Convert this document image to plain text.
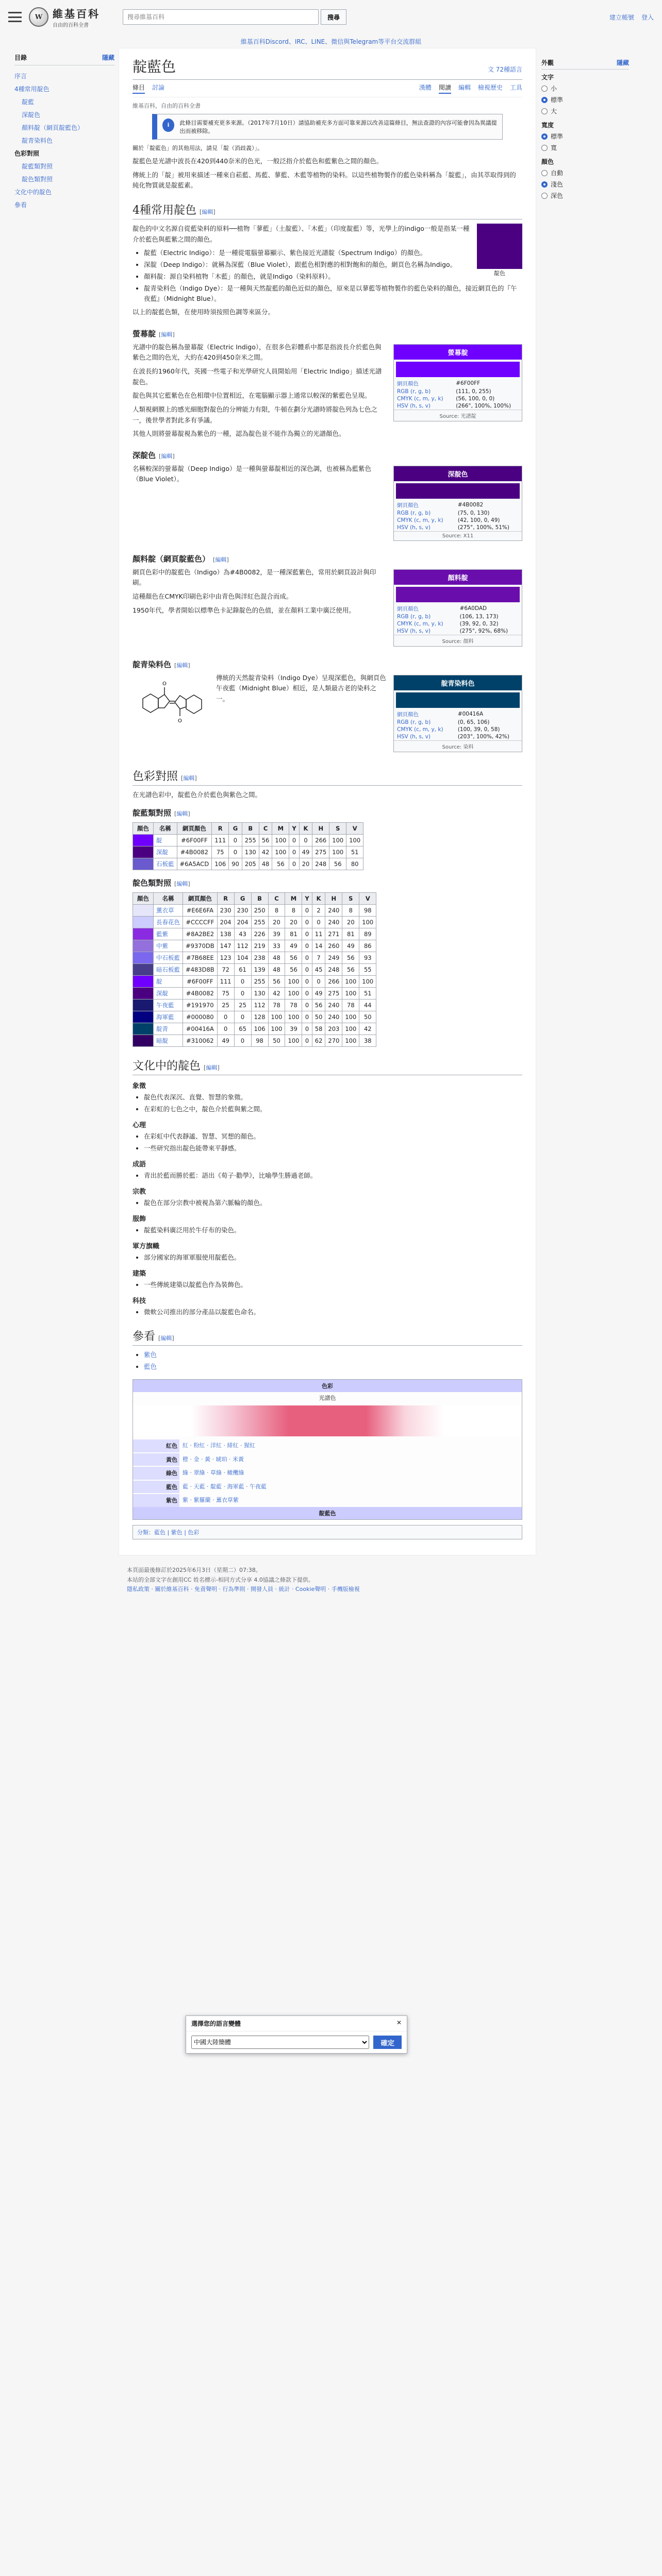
W 維基百科
自由的百科全書
搜尋維基百科
搜尋	建立帳號 登入
維基百科Discord、IRC、LINE、微信與Telegram等平台交流群組
目錄	隱藏
序言
4種常用靛色
靛藍
深靛色
顏料靛（網頁靛藍色）
靛青染料色
色彩對照
靛藍類對照
靛色類對照
文化中的靛色
參看
靛藍色	文 72種語言
條目 討論	漢體 閱讀 編輯 檢視歷史 工具
維基百科，自由的百科全書
i	此條目需要補充更多來源。（2017年7月10日）請協助補充多方面可靠來源以改善這篇條目，無法查證的內容可能會因為異議提出而被移除。
關於「靛藍色」的其他用法，請見「靛（消歧義）」。

靛藍色是光譜中波長在420到440奈米的色光，一般泛指介於藍色和藍紫色之間的顏色。

傳統上的「靛」被用來描述一種來自菘藍、馬藍、蓼藍、木藍等植物的染料。以這些植物製作的藍色染料稱為「靛藍」，由其萃取得到的純化物質就是靛藍素。

4種常用靛色 [編輯]
靛色

靛色的中文名源自從藍染料的原料──植物「蓼藍」（土靛藍）、「木藍」（印度靛藍）等，光學上的indigo一般是指某一種介於藍色與藍紫之間的顏色。

• 靛藍（Electric Indigo）：是一種從電腦螢幕顯示、紫色接近光譜靛（Spectrum Indigo）的顏色。
• 深靛（Deep Indigo）：就稱為深藍（Blue Violet），跟藍色相對應的相對飽和的顏色，網頁色名稱為Indigo。
• 顏料靛：源自染料植物「木藍」的顏色，就是Indigo（染料原料）。
• 靛青染料色（Indigo Dye）：是一種與天然靛藍的顏色近似的顏色，原來是以蓼藍等植物製作的藍色染料的顏色，接近網頁色的『午夜藍』（Midnight Blue）。

以上的靛藍色類，在使用時須按照色調等來區分。

螢幕靛 [編輯]
螢幕靛
網頁顏色	#6F00FF
RGB (r, g, b)	(111, 0, 255)
CMYK (c, m, y, k)	(56, 100, 0, 0)
HSV (h, s, v)	(266°, 100%, 100%)
Source: 光譜靛

光譜中的靛色稱為螢幕靛（Electric Indigo），在很多色彩體系中都是指波長介於藍色與紫色之間的色光，大約在420到450奈米之間。

在波長約1960年代，英國一些電子和光學研究人員開始用「Electric Indigo」描述光譜靛色。

靛色與其它藍紫色在色相環中位置相近，在電腦顯示器上通常以較深的紫藍色呈現。

人類視網膜上的感光細胞對靛色的分辨能力有限，牛頓在劃分光譜時將靛色列為七色之一，後世學者對此多有爭議。

其他人則將螢幕靛視為紫色的一種，認為靛色並不能作為獨立的光譜顏色。

深靛色 [編輯]
深靛色
網頁顏色	#4B0082
RGB (r, g, b)	(75, 0, 130)
CMYK (c, m, y, k)	(42, 100, 0, 49)
HSV (h, s, v)	(275°, 100%, 51%)
Source: X11

名稱較深的螢幕靛（Deep Indigo）是一種與螢幕靛相近的深色調，也被稱為藍紫色（Blue Violet）。

顏料靛（網頁靛藍色） [編輯]
顏料靛
網頁顏色	#6A0DAD
RGB (r, g, b)	(106, 13, 173)
CMYK (c, m, y, k)	(39, 92, 0, 32)
HSV (h, s, v)	(275°, 92%, 68%)
Source: 顏料

網頁色彩中的靛藍色（Indigo）為#4B0082，是一種深藍紫色，常用於網頁設計與印刷。

這種顏色在CMYK印刷色彩中由青色與洋紅色混合而成。

1950年代，學者開始以標準色卡記錄靛色的色值，並在顏料工業中廣泛使用。

靛青染料色 [編輯]
靛青染料色
網頁顏色	#00416A
RGB (r, g, b)	(0, 65, 106)
CMYK (c, m, y, k)	(100, 39, 0, 58)
HSV (h, s, v)	(203°, 100%, 42%)
Source: 染料
O
O

傳統的天然靛青染料（Indigo Dye）呈現深藍色，與網頁色午夜藍（Midnight Blue）相近，是人類最古老的染料之一。

色彩對照 [編輯]

在光譜色彩中，靛藍色介於藍色與紫色之間。

靛藍類對照 [編輯]
顏色	名稱	網頁顏色	R	G	B	C	M	Y	K	H	S	V
	靛	#6F00FF	111	0	255	56	100	0	0	266	100	100
	深靛	#4B0082	75	0	130	42	100	0	49	275	100	51
	石板藍	#6A5ACD	106	90	205	48	56	0	20	248	56	80
靛色類對照 [編輯]
顏色	名稱	網頁顏色	R	G	B	C	M	Y	K	H	S	V
	薰衣草	#E6E6FA	230	230	250	8	8	0	2	240	8	98
	長春花色	#CCCCFF	204	204	255	20	20	0	0	240	20	100
	藍紫	#8A2BE2	138	43	226	39	81	0	11	271	81	89
	中紫	#9370DB	147	112	219	33	49	0	14	260	49	86
	中石板藍	#7B68EE	123	104	238	48	56	0	7	249	56	93
	暗石板藍	#483D8B	72	61	139	48	56	0	45	248	56	55
	靛	#6F00FF	111	0	255	56	100	0	0	266	100	100
	深靛	#4B0082	75	0	130	42	100	0	49	275	100	51
	午夜藍	#191970	25	25	112	78	78	0	56	240	78	44
	海軍藍	#000080	0	0	128	100	100	0	50	240	100	50
	靛青	#00416A	0	65	106	100	39	0	58	203	100	42
	暗靛	#310062	49	0	98	50	100	0	62	270	100	38
文化中的靛色 [編輯]
象徵
• 靛色代表深沉、直覺、智慧的象徵。
• 在彩虹的七色之中，靛色介於藍與紫之間。
心理
• 在彩虹中代表靜謐、智慧、冥想的顏色。
• 一些研究指出靛色能帶來平靜感。
成語
• 青出於藍而勝於藍：語出《荀子·勸學》，比喻學生勝過老師。
宗教
• 靛色在部分宗教中被視為第六脈輪的顏色。
服飾
• 靛藍染料廣泛用於牛仔布的染色。
軍方旗幟
• 部分國家的海軍軍服使用靛藍色。
建築
• 一些傳統建築以靛藍色作為裝飾色。
科技
• 微軟公司推出的部分產品以靛藍色命名。
參看 [編輯]
• 紫色
• 藍色
色彩
光譜色
紅色 紅 · 粉紅 · 洋紅 · 緋紅 · 猩紅
黃色 橙 · 金 · 黃 · 琥珀 · 米黃
綠色 綠 · 翠綠 · 草綠 · 橄欖綠
藍色 藍 · 天藍 · 靛藍 · 海軍藍 · 午夜藍
紫色 紫 · 紫羅蘭 · 薰衣草紫
靛藍色
分類：藍色 | 紫色 | 色彩
外觀	隱藏
文字
小
標準
大
寬度
標準
寬
顏色
自動
淺色
深色
本頁面最後修訂於2025年6月3日（星期二）07:38。
本站的全部文字在創用CC 姓名標示-相同方式分享 4.0協議之條款下提供。
隱私政策 · 關於維基百科 · 免責聲明 · 行為準則 · 開發人員 · 統計 · Cookie聲明 · 手機版檢視
選擇您的語言變體	✕
中國大陸簡體
確定
